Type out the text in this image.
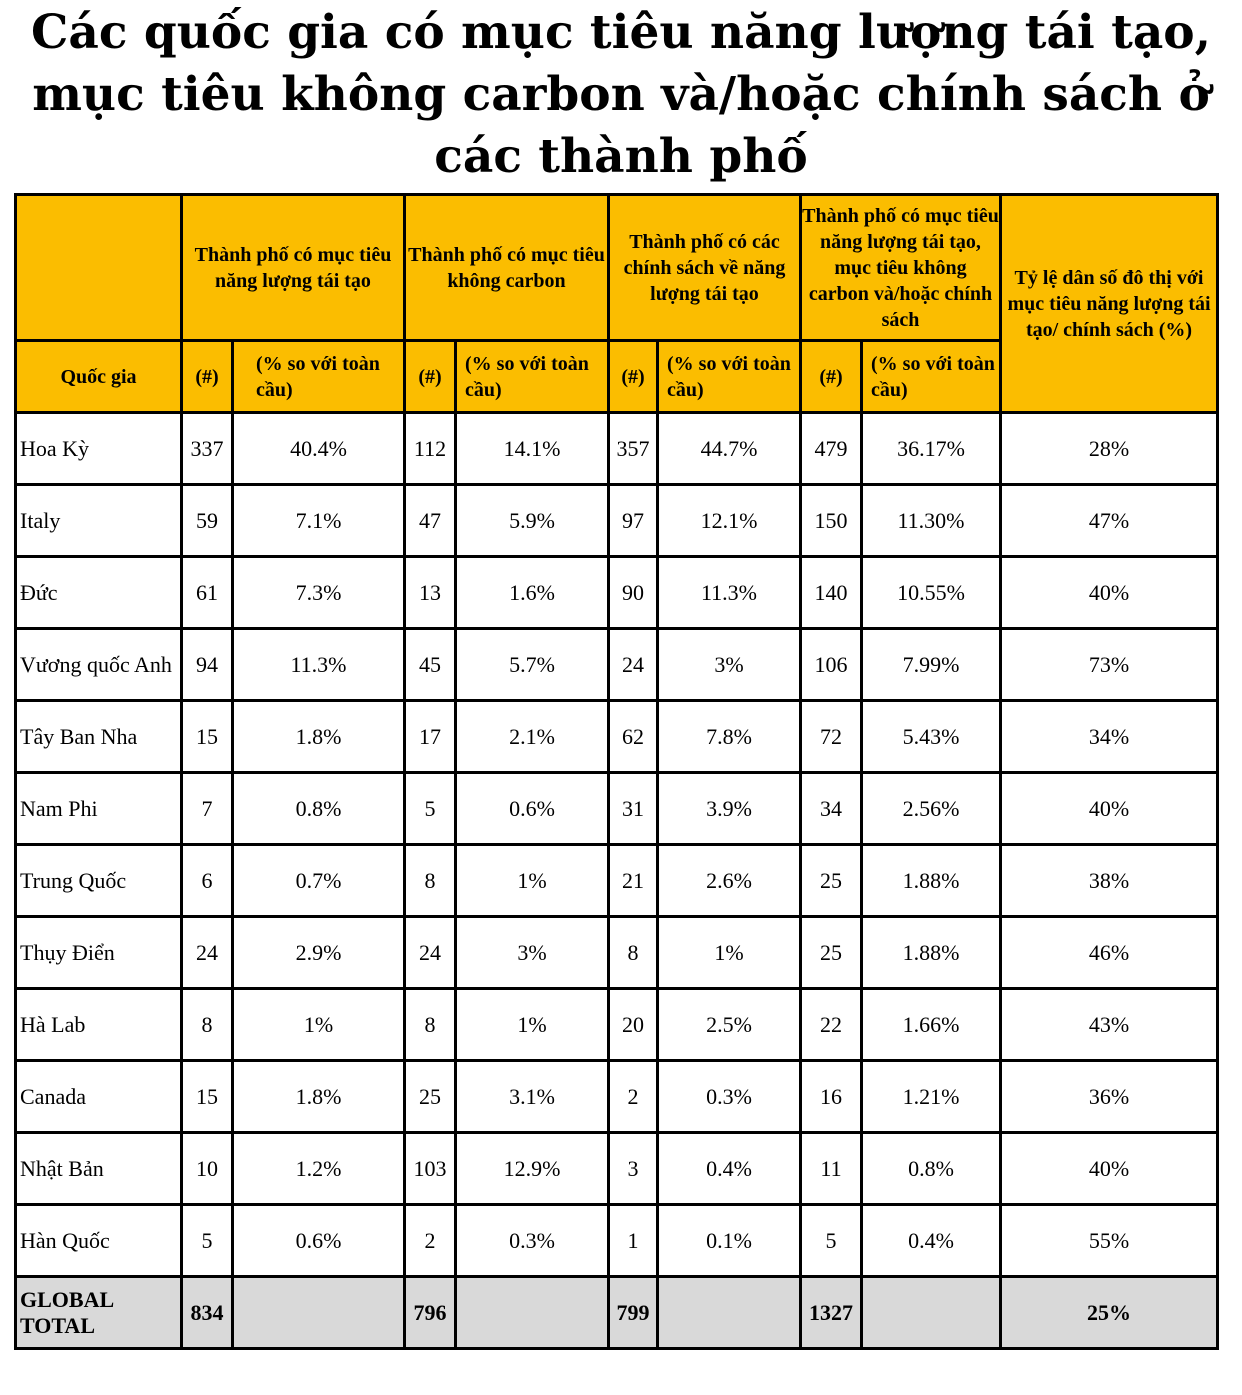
Các quốc gia có mục tiêu năng lượng tái tạo, mục tiêu không carbon và/hoặc chính sách ở các thành phố
	Thành phố có mục tiêu năng lượng tái tạo		Thành phố có mục tiêu không carbon		Thành phố có các chính sách về năng lượng tái tạo		Thành phố có mục tiêu năng lượng tái tạo, mục tiêu không carbon và/hoặc chính sách		Tỷ lệ dân số đô thị với mục tiêu năng lượng tái tạo/ chính sách (%)
Quốc gia	(#)	(% so với toàn cầu)	(#)	(% so với toàn cầu)	(#)	(% so với toàn cầu)	(#)	(% so với toàn cầu)	
Hoa Kỳ	337	40.4%	112	14.1%	357	44.7%	479	36.17%	28%
Italy	59	7.1%	47	5.9%	97	12.1%	150	11.30%	47%
Đức	61	7.3%	13	1.6%	90	11.3%	140	10.55%	40%
Vương quốc Anh	94	11.3%	45	5.7%	24	3%	106	7.99%	73%
Tây Ban Nha	15	1.8%	17	2.1%	62	7.8%	72	5.43%	34%
Nam Phi	7	0.8%	5	0.6%	31	3.9%	34	2.56%	40%
Trung Quốc	6	0.7%	8	1%	21	2.6%	25	1.88%	38%
Thụy Điển	24	2.9%	24	3%	8	1%	25	1.88%	46%
Hà Lab	8	1%	8	1%	20	2.5%	22	1.66%	43%
Canada	15	1.8%	25	3.1%	2	0.3%	16	1.21%	36%
Nhật Bản	10	1.2%	103	12.9%	3	0.4%	11	0.8%	40%
Hàn Quốc	5	0.6%	2	0.3%	1	0.1%	5	0.4%	55%
GLOBAL TOTAL	834		796		799		1327		25%
